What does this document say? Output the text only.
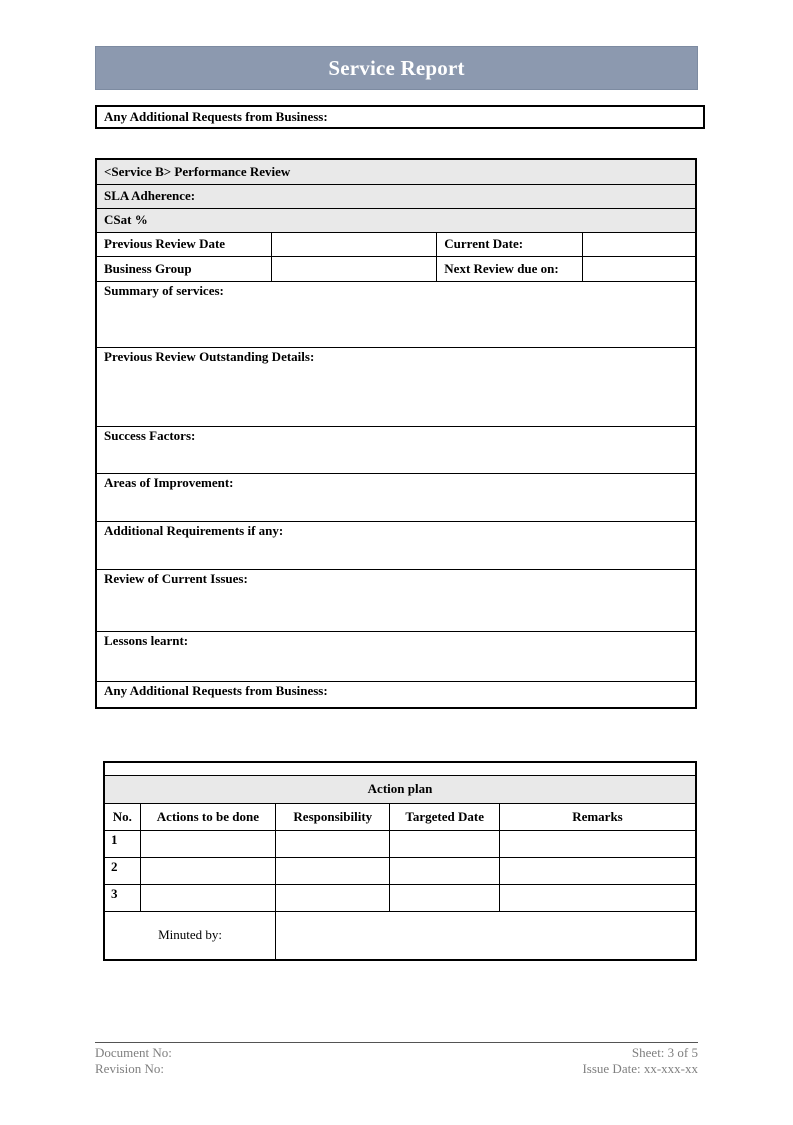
Service Report
Any Additional Requests from Business:
<Service B> Performance Review			
SLA Adherence:			
CSat %			
Previous Review Date		Current Date:	
Business Group		Next Review due on:	
Summary of services:			
Previous Review Outstanding Details:			
Success Factors:			
Areas of Improvement:			
Additional Requirements if any:			
Review of Current Issues:			
Lessons learnt:			
Any Additional Requests from Business:			

Action plan				
No.	Actions to be done	Responsibility	Targeted Date	Remarks
1				
2				
3				
Minuted by:				
Document No:
Revision No:
Sheet: 3 of 5
Issue Date: xx-xxx-xx
